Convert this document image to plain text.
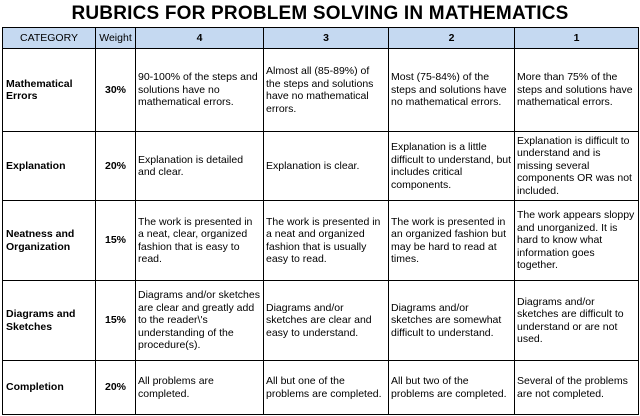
RUBRICS FOR PROBLEM SOLVING IN MATHEMATICS
CATEGORY	Weight	4	3	2	1
Mathematical Errors	30%	90-100% of the steps and solutions have no mathematical errors.	Almost all (85-89%) of the steps and solutions have no mathematical errors.	Most (75-84%) of the steps and solutions have no mathematical errors.	More than 75% of the steps and solutions have mathematical errors.
Explanation	20%	Explanation is detailed and clear.	Explanation is clear.	Explanation is a little difficult to understand, but includes critical components.	Explanation is difficult to understand and is missing several components OR was not included.
Neatness and Organization	15%	The work is presented in a neat, clear, organized fashion that is easy to read.	The work is presented in a neat and organized fashion that is usually easy to read.	The work is presented in an organized fashion but may be hard to read at times.	The work appears sloppy and unorganized. It is hard to know what information goes together.
Diagrams and Sketches	15%	Diagrams and/or sketches are clear and greatly add to the reader\'s understanding of the procedure(s).	Diagrams and/or sketches are clear and easy to understand.	Diagrams and/or sketches are somewhat difficult to understand.	Diagrams and/or sketches are difficult to understand or are not used.
Completion	20%	All problems are completed.	All but one of the problems are completed.	All but two of the problems are completed.	Several of the problems are not completed.
